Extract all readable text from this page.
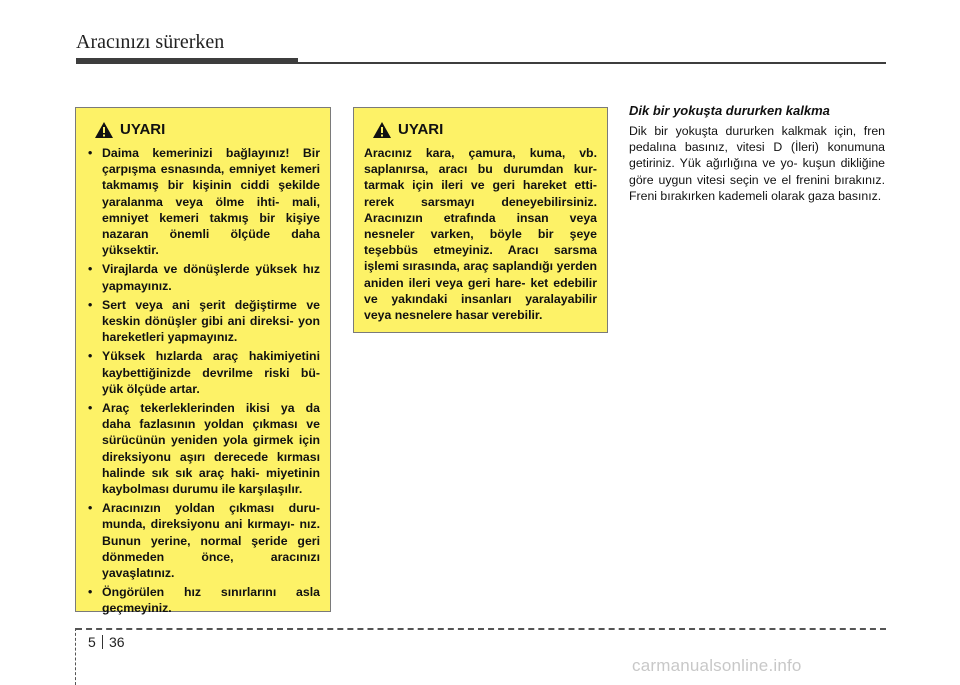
Aracınızı sürerken
UYARI
• Daima kemerinizi bağlayınız! Bir çarpışma esnasında, emniyet kemeri takmamış bir kişinin ciddi şekilde yaralanma veya ölme ihti- mali, emniyet kemeri takmış bir kişiye nazaran önemli ölçüde daha yüksektir.
• Virajlarda ve dönüşlerde yüksek hız yapmayınız.
• Sert veya ani şerit değiştirme ve keskin dönüşler gibi ani direksi- yon hareketleri yapmayınız.
• Yüksek hızlarda araç hakimiyetini kaybettiğinizde devrilme riski bü- yük ölçüde artar.
• Araç tekerleklerinden ikisi ya da daha fazlasının yoldan çıkması ve sürücünün yeniden yola girmek için direksiyonu aşırı derecede kırması halinde sık sık araç haki- miyetinin kaybolması durumu ile karşılaşılır.
• Aracınızın yoldan çıkması duru- munda, direksiyonu ani kırmayı- nız. Bunun yerine, normal şeride geri dönmeden önce, aracınızı yavaşlatınız.
• Öngörülen hız sınırlarını asla geçmeyiniz.
UYARI

Aracınız kara, çamura, kuma, vb. saplanırsa, aracı bu durumdan kur- tarmak için ileri ve geri hareket etti- rerek sarsmayı deneyebilirsiniz. Aracınızın etrafında insan veya nesneler varken, böyle bir şeye teşebbüs etmeyiniz. Aracı sarsma işlemi sırasında, araç saplandığı yerden aniden ileri veya geri hare- ket edebilir ve yakındaki insanları yaralayabilir veya nesnelere hasar verebilir.

Dik bir yokuşta dururken kalkma

Dik bir yokuşta dururken kalkmak için, fren pedalına basınız, vitesi D (İleri) konumuna getiriniz. Yük ağırlığına ve yo- kuşun dikliğine göre uygun vitesi seçin ve el frenini bırakınız. Freni bırakırken kademeli olarak gaza basınız.

5 36
carmanualsonline.info
